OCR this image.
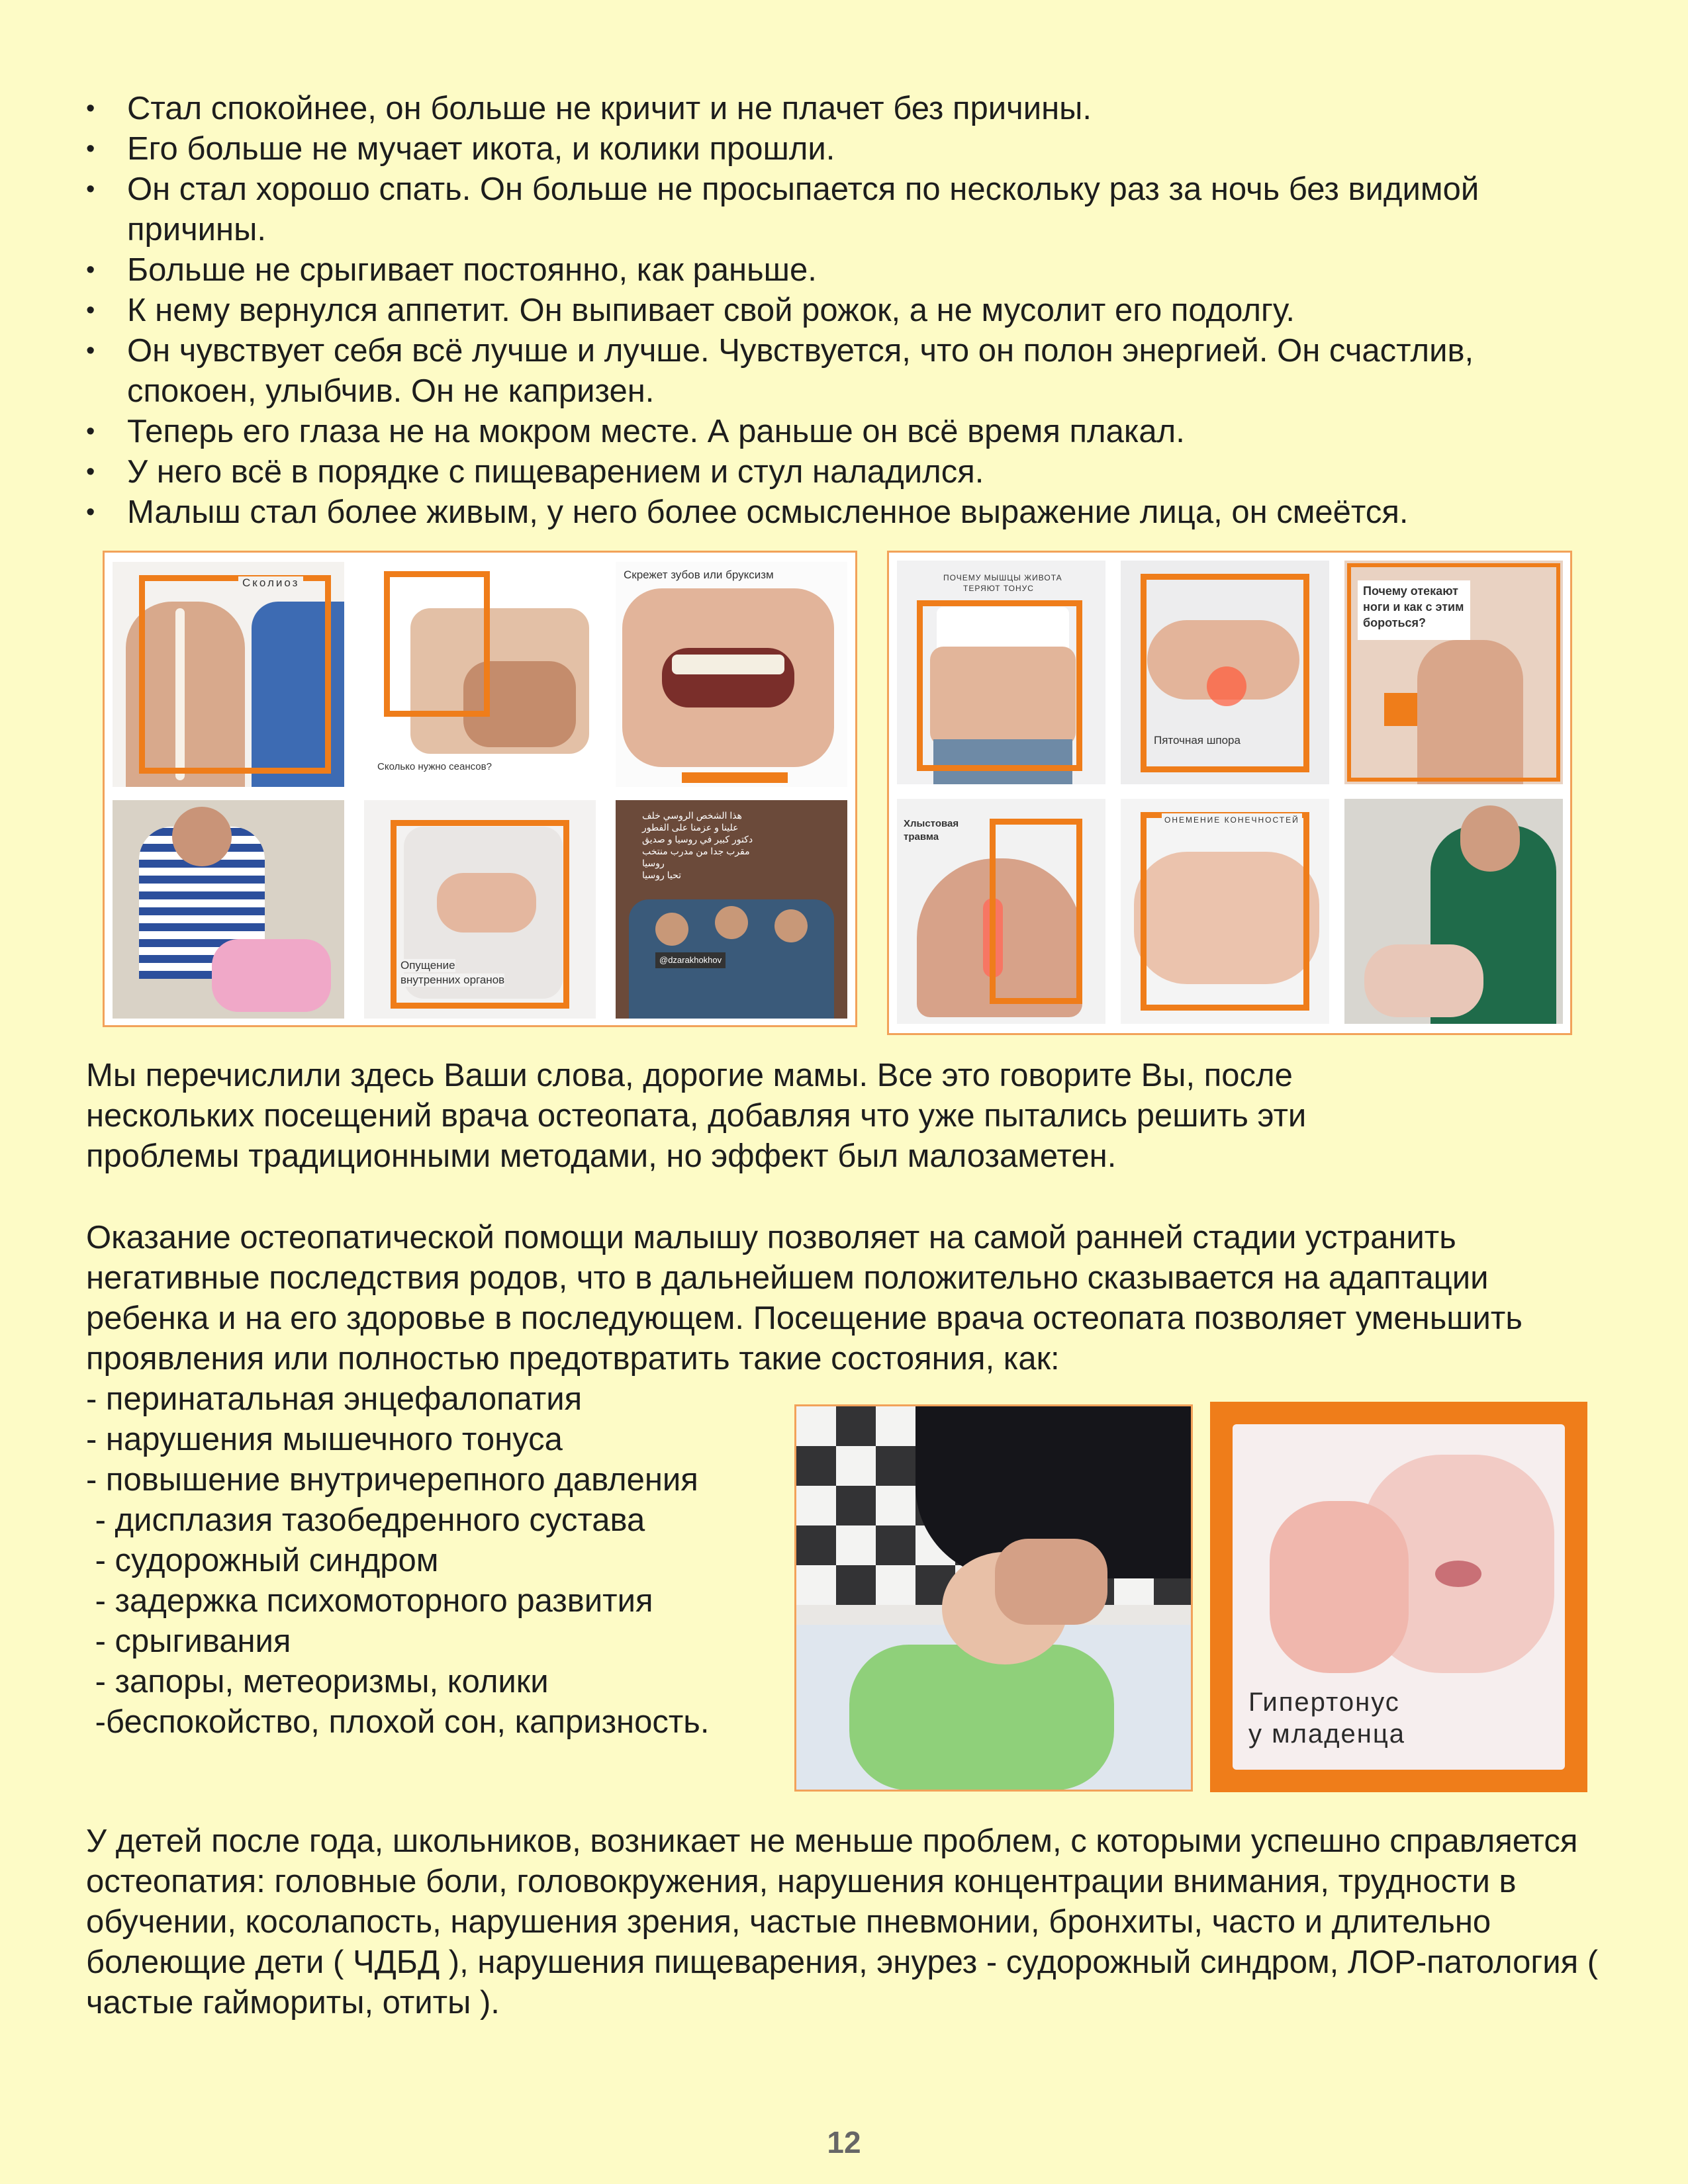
• Стал спокойнее, он больше не кричит и не плачет без причины.
• Его больше не мучает икота, и колики прошли.
• Он стал хорошо спать. Он больше не просыпается по нескольку раз за ночь без видимой причины.
• Больше не срыгивает постоянно, как раньше.
• К нему вернулся аппетит. Он выпивает свой рожок, а не мусолит его подолгу.
• Он чувствует себя всё лучше и лучше. Чувствуется, что он полон энергией. Он счастлив, спокоен, улыбчив. Он не капризен.
• Теперь его глаза не на мокром месте. А раньше он всё время плакал.
• У него всё в порядке с пищеварением и стул наладился.
• Малыш стал более живым, у него более осмысленное выражение лица, он смеётся.
Сколиоз
Сколько нужно сеансов?
Скрежет зубов или бруксизм
Опущение
внутренних органов
هذا الشخص الروسي خلف
علينا و عزمنا على الفطور
دكتور كبير في روسيا و صديق
مقرب جدا من مدرب منتخب
روسيا
تحيا روسيا
@dzarakhokhov
ПОЧЕМУ МЫШЦЫ ЖИВОТА
ТЕРЯЮТ ТОНУС
Пяточная шпора
Почему отекают
ноги и как с этим
бороться?
Хлыстовая
травма
ОНЕМЕНИЕ КОНЕЧНОСТЕЙ
Мы перечислили здесь Ваши слова, дорогие мамы. Все это говорите Вы, после нескольких посещений врача остеопата, добавляя что уже пытались решить эти проблемы традиционными методами, но эффект был малозаметен.
Оказание остеопатической помощи малышу позволяет на самой ранней стадии устранить негативные последствия родов, что в дальнейшем положительно сказывается на адаптации ребенка и на его здоровье в последующем. Посещение врача остеопата позволяет уменьшить проявления или полностью предотвратить такие состояния, как:
- перинатальная энцефалопатия
- нарушения мышечного тонуса
- повышение внутричерепного давления
- дисплазия тазобедренного сустава
- судорожный синдром
- задержка психомоторного развития
- срыгивания
- запоры, метеоризмы, колики
-беспокойство, плохой сон, капризность.
Гипертонус
у младенца
У детей после года, школьников, возникает не меньше проблем, с которыми успешно справляется остеопатия: головные боли, головокружения, нарушения концентрации внимания, трудности в обучении, косолапость, нарушения зрения, частые пневмонии, бронхиты, часто и длительно болеющие дети ( ЧДБД ), нарушения пищеварения, энурез - судорожный синдром, ЛОР-патология ( частые гаймориты, отиты ).
12
